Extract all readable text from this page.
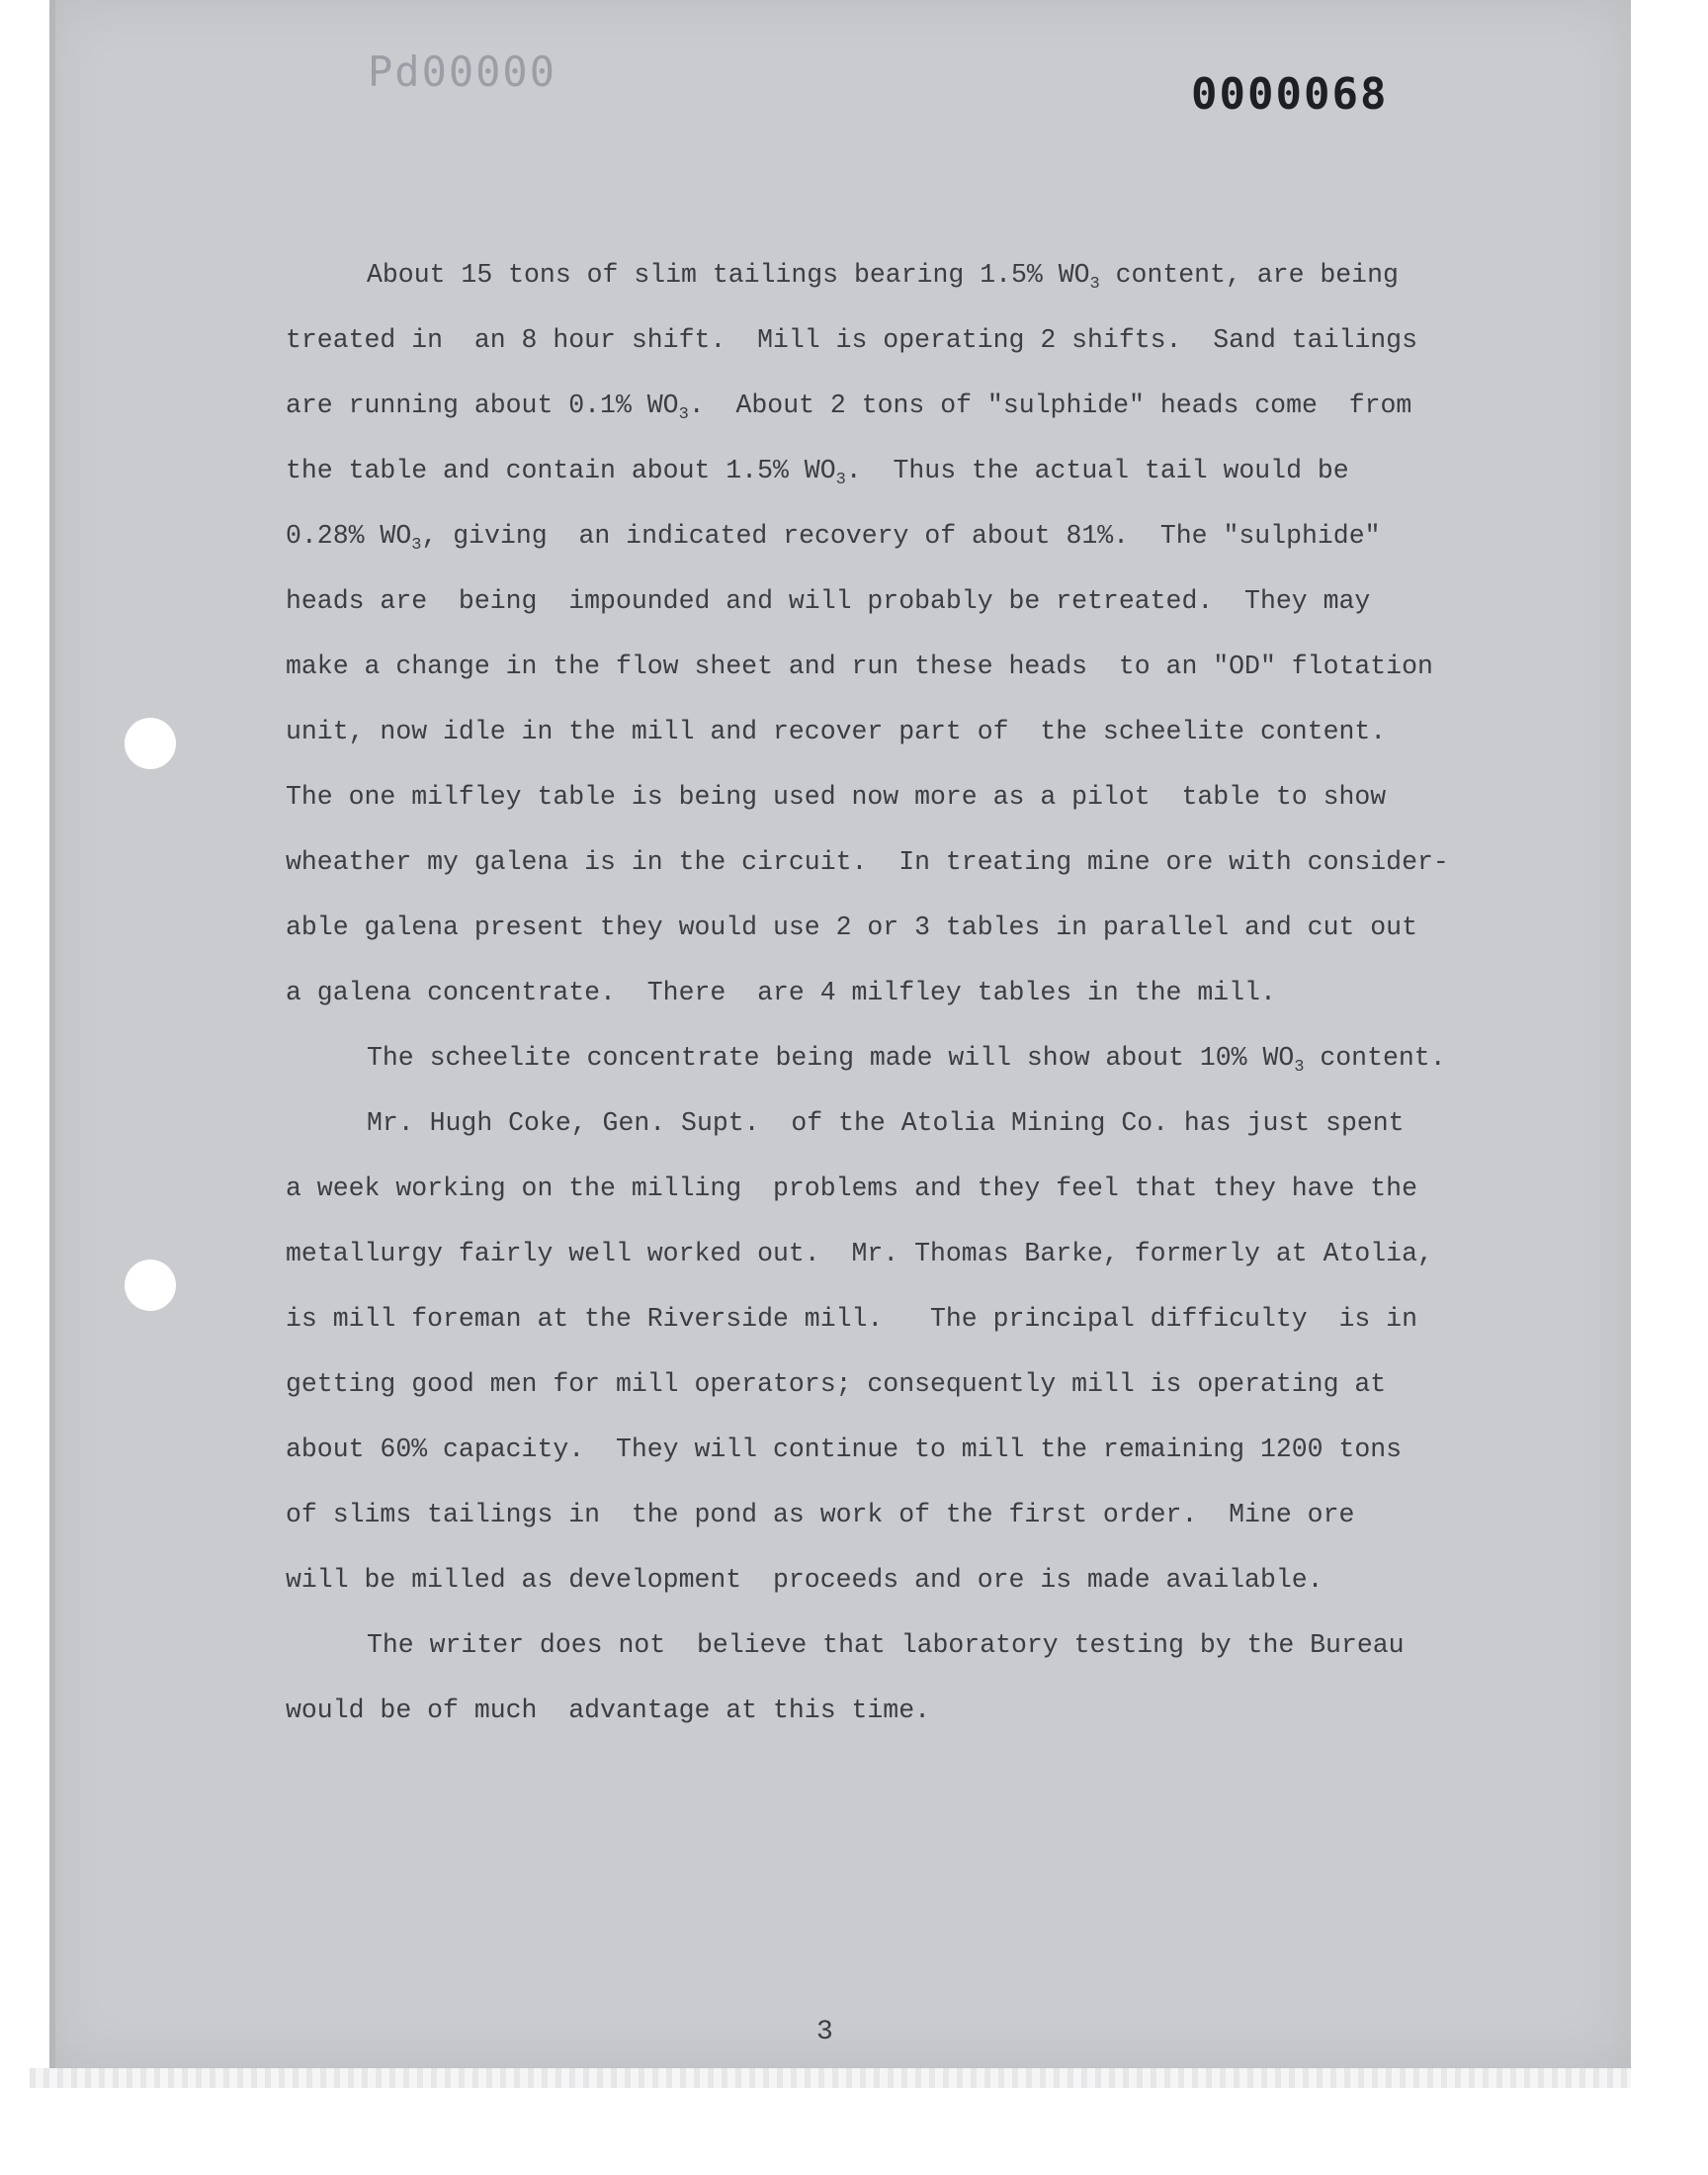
Pd00000	0000068
About 15 tons of slim tailings bearing 1.5% $WO_3$ content, are being
treated in  an 8 hour shift.  Mill is operating 2 shifts.  Sand tailings
are running about 0.1% $WO_3$.  About 2 tons of "sulphide" heads come  from
the table and contain about 1.5% $WO_3$.  Thus the actual tail would be
0.28% $WO_3$, giving  an indicated recovery of about 81%.  The "sulphide"
heads are  being  impounded and will probably be retreated.  They may
make a change in the flow sheet and run these heads  to an "OD" flotation
unit, now idle in the mill and recover part of  the scheelite content.
The one milfley table is being used now more as a pilot  table to show
wheather my galena is in the circuit.  In treating mine ore with consider-
able galena present they would use 2 or 3 tables in parallel and cut out
a galena concentrate.  There  are 4 milfley tables in the mill.
The scheelite concentrate being made will show about 10% $WO_3$ content.
Mr. Hugh Coke, Gen. Supt.  of the Atolia Mining Co. has just spent
a week working on the milling  problems and they feel that they have the
metallurgy fairly well worked out.  Mr. Thomas Barke, formerly at Atolia,
is mill foreman at the Riverside mill.   The principal difficulty  is in
getting good men for mill operators; consequently mill is operating at
about 60% capacity.  They will continue to mill the remaining 1200 tons
of slims tailings in  the pond as work of the first order.  Mine ore
will be milled as development  proceeds and ore is made available.
The writer does not  believe that laboratory testing by the Bureau
would be of much  advantage at this time.
3
